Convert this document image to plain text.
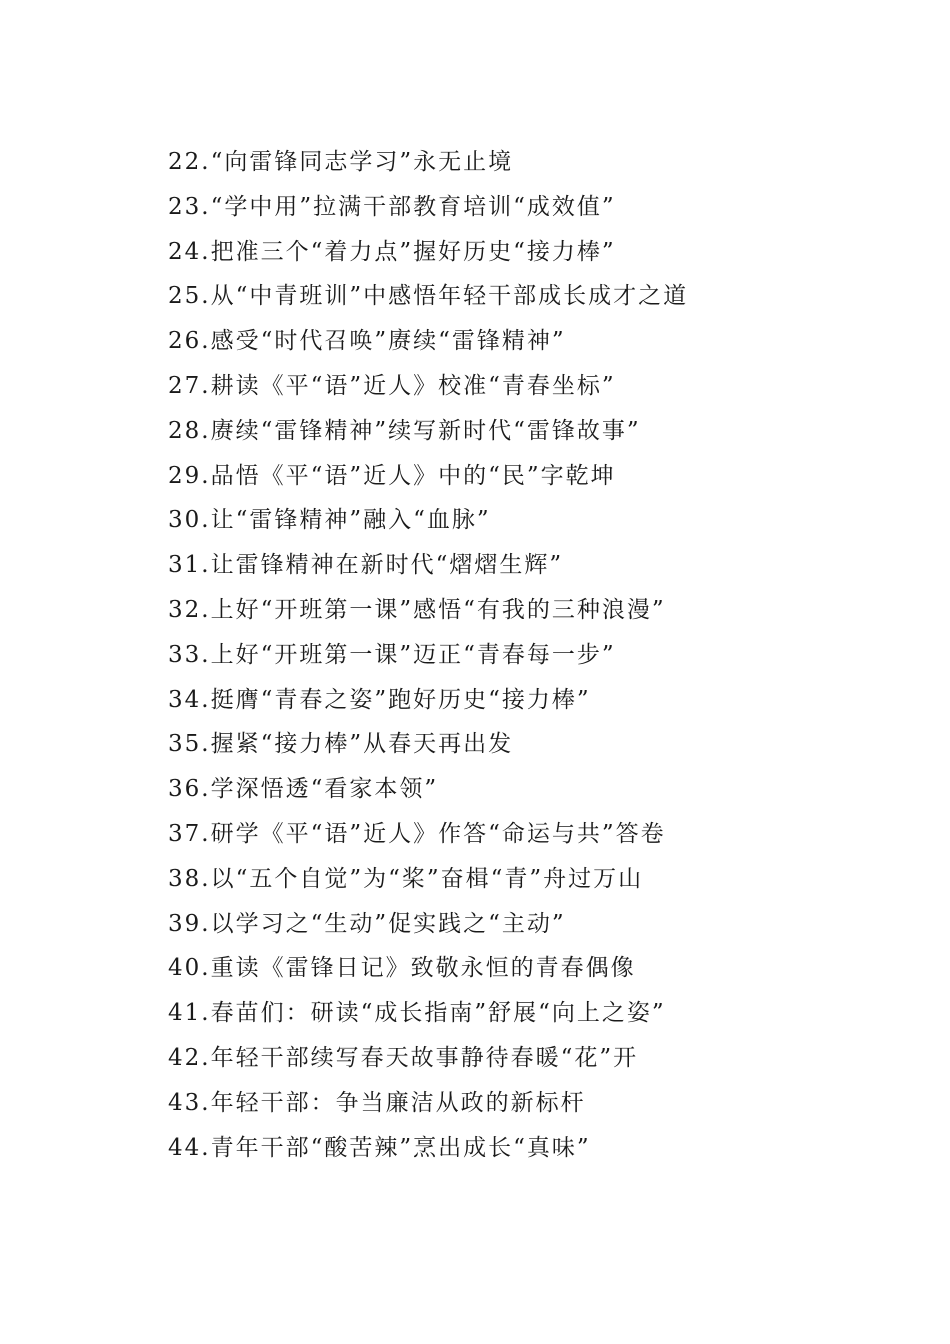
22.“向雷锋同志学习”永无止境
23.“学中用”拉满干部教育培训“成效值”
24.把准三个“着力点”握好历史“接力棒”
25.从“中青班训”中感悟年轻干部成长成才之道
26.感受“时代召唤”赓续“雷锋精神”
27.耕读《平“语”近人》校准“青春坐标”
28.赓续“雷锋精神”续写新时代“雷锋故事”
29.品悟《平“语”近人》中的“民”字乾坤
30.让“雷锋精神”融入“血脉”
31.让雷锋精神在新时代“熠熠生辉”
32.上好“开班第一课”感悟“有我的三种浪漫”
33.上好“开班第一课”迈正“青春每一步”
34.挺膺“青春之姿”跑好历史“接力棒”
35.握紧“接力棒”从春天再出发
36.学深悟透“看家本领”
37.研学《平“语”近人》作答“命运与共”答卷
38.以“五个自觉”为“桨”奋楫“青”舟过万山
39.以学习之“生动”促实践之“主动”
40.重读《雷锋日记》致敬永恒的青春偶像
41.春苗们：研读“成长指南”舒展“向上之姿”
42.年轻干部续写春天故事静待春暖“花”开
43.年轻干部：争当廉洁从政的新标杆
44.青年干部“酸苦辣”烹出成长“真味”
